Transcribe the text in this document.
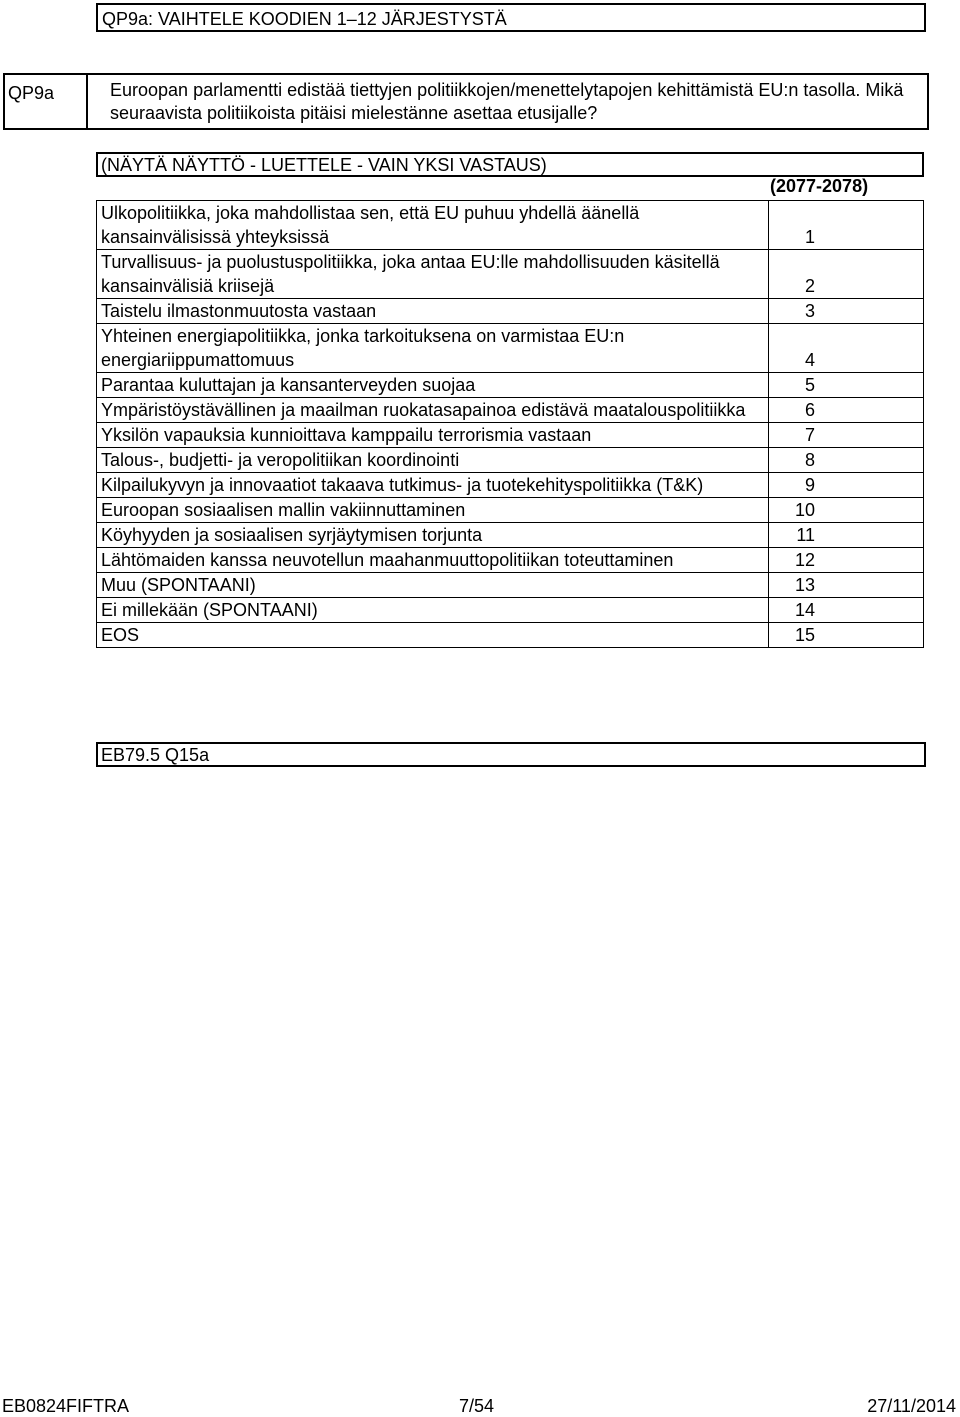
QP9a: VAIHTELE KOODIEN 1–12 JÄRJESTYSTÄ
QP9a	Euroopan parlamentti edistää tiettyjen politiikkojen/menettelytapojen kehittämistä EU:n tasolla. Mikä seuraavista politiikoista pitäisi mielestänne asettaa etusijalle?
(NÄYTÄ NÄYTTÖ - LUETTELE - VAIN YKSI VASTAUS)
(2077-2078)
Ulkopolitiikka, joka mahdollistaa sen, että EU puhuu yhdellä äänellä kansainvälisissä yhteyksissä	1
Turvallisuus- ja puolustuspolitiikka, joka antaa EU:lle mahdollisuuden käsitellä kansainvälisiä kriisejä	2
Taistelu ilmastonmuutosta vastaan	3
Yhteinen energiapolitiikka, jonka tarkoituksena on varmistaa EU:n energiariippumattomuus	4
Parantaa kuluttajan ja kansanterveyden suojaa	5
Ympäristöystävällinen ja maailman ruokatasapainoa edistävä maatalouspolitiikka	6
Yksilön vapauksia kunnioittava kamppailu terrorismia vastaan	7
Talous-, budjetti- ja veropolitiikan koordinointi	8
Kilpailukyvyn ja innovaatiot takaava tutkimus- ja tuotekehityspolitiikka (T&K)	9
Euroopan sosiaalisen mallin vakiinnuttaminen	10
Köyhyyden ja sosiaalisen syrjäytymisen torjunta	11
Lähtömaiden kanssa neuvotellun maahanmuuttopolitiikan toteuttaminen	12
Muu (SPONTAANI)	13
Ei millekään (SPONTAANI)	14
EOS	15
EB79.5 Q15a
EB0824FIFTRA	7/54	27/11/2014
